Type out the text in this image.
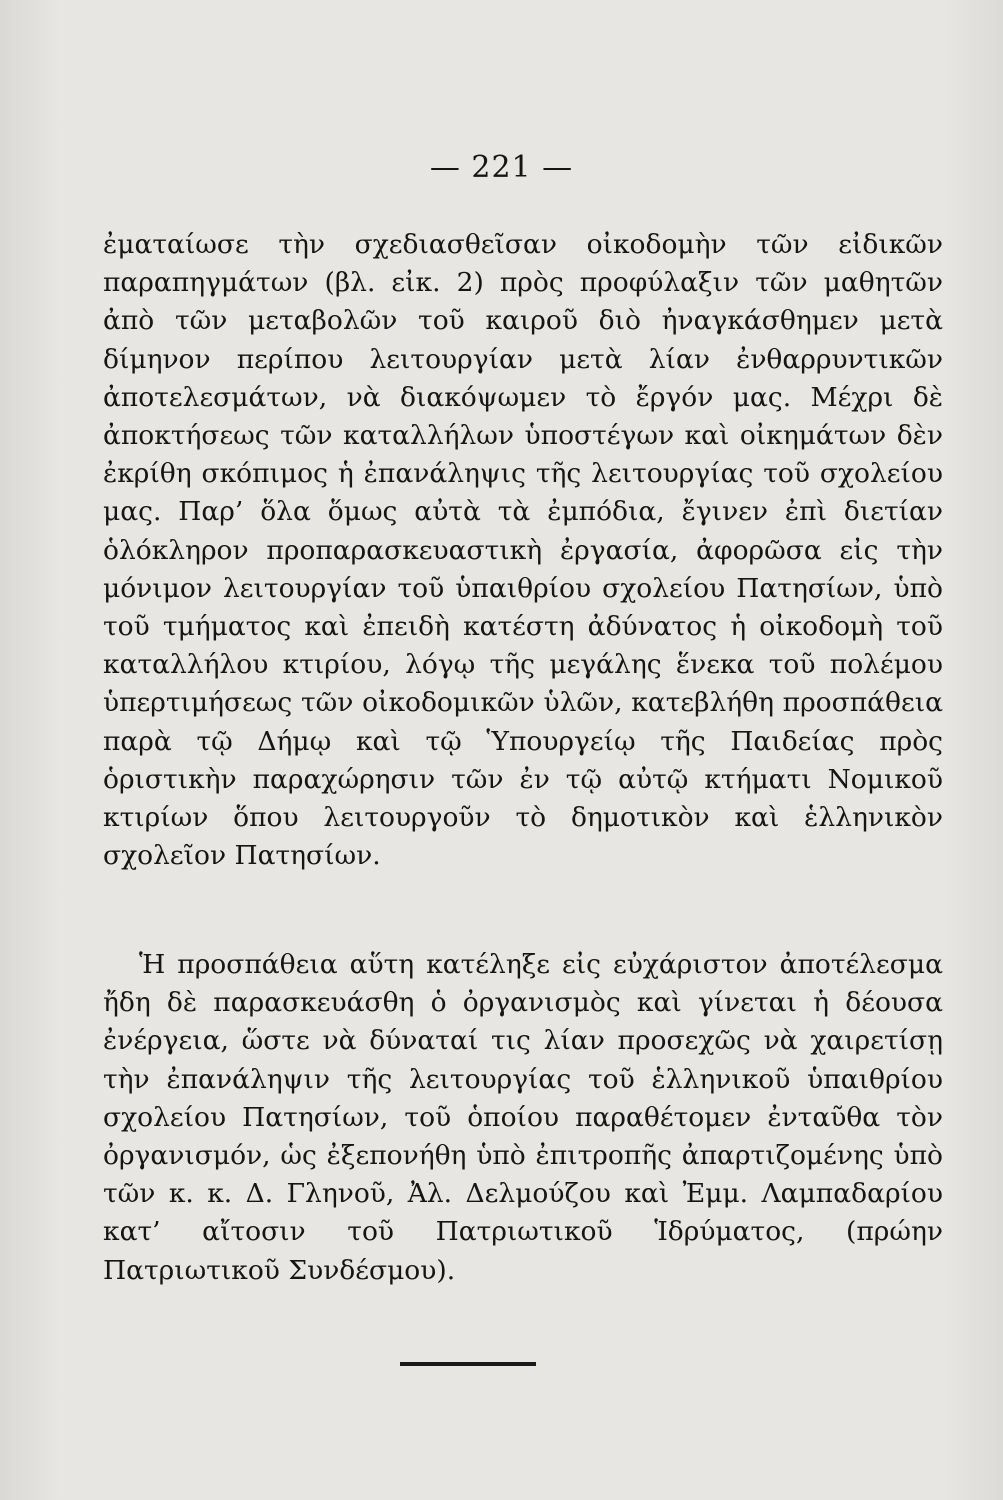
— 221 —

ἐματαίωσε τὴν σχεδιασθεῖσαν οἰκοδομὴν τῶν εἰδικῶν παραπηγμάτων (βλ. εἰκ. 2) πρὸς προφύλαξιν τῶν μαθητῶν ἀπὸ τῶν μεταβολῶν τοῦ καιροῦ διὸ ἠναγκάσθημεν μετὰ δίμηνον περίπου λειτουργίαν μετὰ λίαν ἐνθαρρυντικῶν ἀποτελεσμάτων, νὰ διακόψωμεν τὸ ἔργόν μας. Μέχρι δὲ ἀποκτήσεως τῶν καταλλήλων ὑποστέγων καὶ οἰκημάτων δὲν ἐκρίθη σκόπιμος ἡ ἐπανάληψις τῆς λειτουργίας τοῦ σχολείου μας. Παρ’ ὅλα ὅμως αὐτὰ τὰ ἐμπόδια, ἔγινεν ἐπὶ διετίαν ὁλόκληρον προπαρασκευαστικὴ ἐργασία, ἀφορῶσα εἰς τὴν μόνιμον λειτουργίαν τοῦ ὑπαιθρίου σχολείου Πατησίων, ὑπὸ τοῦ τμήματος καὶ ἐπειδὴ κατέστη ἀδύνατος ἡ οἰκοδομὴ τοῦ καταλλήλου κτιρίου, λόγῳ τῆς μεγάλης ἕνεκα τοῦ πολέμου ὑπερτιμήσεως τῶν οἰκοδομικῶν ὑλῶν, κατεβλήθη προσπάθεια παρὰ τῷ Δήμῳ καὶ τῷ Ὑπουργείῳ τῆς Παιδείας πρὸς ὁριστικὴν παραχώρησιν τῶν ἐν τῷ αὐτῷ κτήματι Νομικοῦ κτιρίων ὅπου λειτουργοῦν τὸ δημοτικὸν καὶ ἑλληνικὸν σχολεῖον Πατησίων.

Ἡ προσπάθεια αὕτη κατέληξε εἰς εὐχάριστον ἀποτέλεσμα ἤδη δὲ παρασκευάσθη ὁ ὀργανισμὸς καὶ γίνεται ἡ δέουσα ἐνέργεια, ὥστε νὰ δύναταί τις λίαν προσεχῶς νὰ χαιρετίσῃ τὴν ἐπανάληψιν τῆς λειτουργίας τοῦ ἑλληνικοῦ ὑπαιθρίου σχολείου Πατησίων, τοῦ ὁποίου παραθέτομεν ἐνταῦθα τὸν ὀργανισμόν, ὡς ἐξεπονήθη ὑπὸ ἐπιτροπῆς ἀπαρτιζομένης ὑπὸ τῶν κ. κ. Δ. Γληνοῦ, Ἀλ. Δελμούζου καὶ Ἐμμ. Λαμπαδαρίου κατ’ αἴτοσιν τοῦ Πατριωτικοῦ Ἱδρύματος, (πρώην Πατριωτικοῦ Συνδέσμου).
